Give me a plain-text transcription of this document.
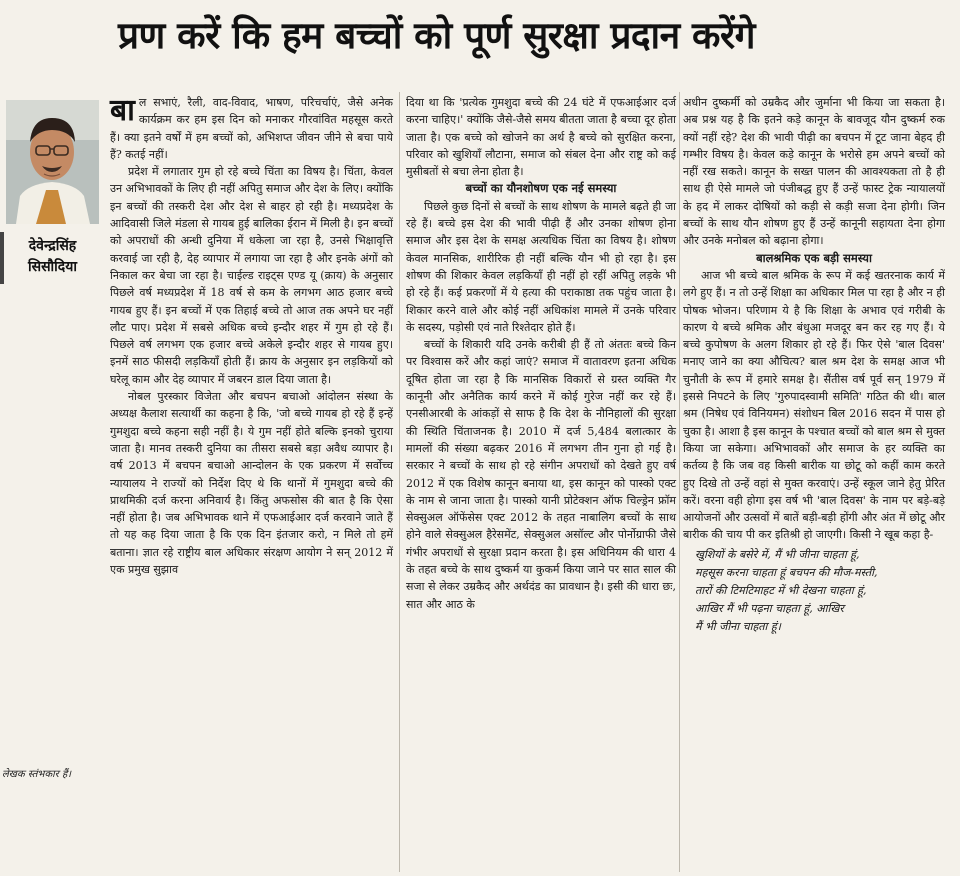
प्रण करें कि हम बच्चों को पूर्ण सुरक्षा प्रदान करेंगे
देवेन्द्रसिंह
सिसौदिया
लेखक स्तंभकार हैं।

बाल सभाएं, रैली, वाद-विवाद, भाषण, परिचर्चाएं, जैसे अनेक कार्यक्रम कर हम इस दिन को मनाकर गौरवांवित महसूस करते हैं। क्या इतने वर्षों में हम बच्चों को, अभिशप्त जीवन जीने से बचा पाये हैं? कतई नहीं।

प्रदेश में लगातार गुम हो रहे बच्चे चिंता का विषय है। चिंता, केवल उन अभिभावकों के लिए ही नहीं अपितु समाज और देश के लिए। क्योंकि इन बच्चों की तस्करी देश और देश से बाहर हो रही है। मध्यप्रदेश के आदिवासी जिले मंडला से गायब हुई बालिका ईरान में मिली है। इन बच्चों को अपराधों की अन्धी दुनिया में धकेला जा रहा है, उनसे भिक्षावृत्ति करवाई जा रही है, देह व्यापार में लगाया जा रहा है और इनके अंगों को निकाल कर बेचा जा रहा है। चाईल्ड राइट्स एण्ड यू (क्राय) के अनुसार पिछले वर्ष मध्यप्रदेश में 18 वर्ष से कम के लगभग आठ हजार बच्चे गायब हुए हैं। इन बच्चों में एक तिहाई बच्चे तो आज तक अपने घर नहीं लौट पाए। प्रदेश में सबसे अधिक बच्चे इन्दौर शहर में गुम हो रहे हैं। पिछले वर्ष लगभग एक हजार बच्चे अकेले इन्दौर शहर से गायब हुए। इनमें साठ फीसदी लड़कियाँ होती हैं। क्राय के अनुसार इन लड़कियों को घरेलू काम और देह व्यापार में जबरन डाल दिया जाता है।

नोबल पुरस्कार विजेता और बचपन बचाओ आंदोलन संस्था के अध्यक्ष कैलाश सत्यार्थी का कहना है कि, 'जो बच्चे गायब हो रहे हैं इन्हें गुमशुदा बच्चे कहना सही नहीं है। ये गुम नहीं होते बल्कि इनको चुराया जाता है। मानव तस्करी दुनिया का तीसरा सबसे बड़ा अवैध व्यापार है। वर्ष 2013 में बचपन बचाओ आन्दोलन के एक प्रकरण में सर्वोच्च न्यायालय ने राज्यों को निर्देश दिए थे कि थानों में गुमशुदा बच्चे की प्राथमिकी दर्ज करना अनिवार्य है। किंतु अफसोस की बात है कि ऐसा नहीं होता है। जब अभिभावक थाने में एफआईआर दर्ज करवाने जाते हैं तो यह कह दिया जाता है कि एक दिन इंतजार करो, न मिले तो हमें बताना। ज्ञात रहे राष्ट्रीय बाल अधिकार संरक्षण आयोग ने सन् 2012 में एक प्रमुख सुझाव

दिया था कि 'प्रत्येक गुमशुदा बच्चे की 24 घंटे में एफआईआर दर्ज करना चाहिए।' क्योंकि जैसे-जैसे समय बीतता जाता है बच्चा दूर होता जाता है। एक बच्चे को खोजने का अर्थ है बच्चे को सुरक्षित करना, परिवार को खुशियाँ लौटाना, समाज को संबल देना और राष्ट्र को कई मुसीबतों से बचा लेना होता है।

बच्चों का यौनशोषण एक नई समस्या

पिछले कुछ दिनों से बच्चों के साथ शोषण के मामले बढ़ते ही जा रहे हैं। बच्चे इस देश की भावी पीढ़ी हैं और उनका शोषण होना समाज और इस देश के समक्ष अत्यधिक चिंता का विषय है। शोषण केवल मानसिक, शारीरिक ही नहीं बल्कि यौन भी हो रहा है। इस शोषण की शिकार केवल लड़कियाँ ही नहीं हो रहीं अपितु लड़के भी हो रहे हैं। कई प्रकरणों में ये हत्या की पराकाष्ठा तक पहुंच जाता है। शिकार करने वाले और कोई नहीं अधिकांश मामले में उनके परिवार के सदस्य, पड़ोसी एवं नाते रिश्तेदार होते हैं।

बच्चों के शिकारी यदि उनके करीबी ही हैं तो अंततः बच्चे किन पर विश्वास करें और कहां जाएं? समाज में वातावरण इतना अधिक दूषित होता जा रहा है कि मानसिक विकारों से ग्रस्त व्यक्ति गैर कानूनी और अनैतिक कार्य करने में कोई गुरेज नहीं कर रहे हैं। एनसीआरबी के आंकड़ों से साफ है कि देश के नौनिहालों की सुरक्षा की स्थिति चिंताजनक है। 2010 में दर्ज 5,484 बलात्कार के मामलों की संख्या बढ़कर 2016 में लगभग तीन गुना हो गई है। सरकार ने बच्चों के साथ हो रहे संगीन अपराधों को देखते हुए वर्ष 2012 में एक विशेष कानून बनाया था, इस कानून को पास्को एक्ट के नाम से जाना जाता है। पास्को यानी प्रोटेक्शन ऑफ चिल्ड्रेन फ्रॉम सेक्सुअल ऑफेंसेस एक्ट 2012 के तहत नाबालिग बच्चों के साथ होने वाले सेक्सुअल हैरेसमेंट, सेक्सुअल असॉल्ट और पोर्नोग्राफी जैसे गंभीर अपराधों से सुरक्षा प्रदान करता है। इस अधिनियम की धारा 4 के तहत बच्चे के साथ दुष्कर्म या कुकर्म किया जाने पर सात साल की सजा से लेकर उम्रकैद और अर्थदंड का प्रावधान है। इसी की धारा छः, सात और आठ के

अधीन दुष्कर्मी को उम्रकैद और जुर्माना भी किया जा सकता है। अब प्रश्न यह है कि इतने कड़े कानून के बावजूद यौन दुष्कर्म रुक क्यों नहीं रहे? देश की भावी पीढ़ी का बचपन में टूट जाना बेहद ही गम्भीर विषय है। केवल कड़े कानून के भरोसे हम अपने बच्चों को नहीं रख सकते। कानून के सख्त पालन की आवश्यकता तो है ही साथ ही ऐसे मामले जो पंजीबद्ध हुए हैं उन्हें फास्ट ट्रेक न्यायालयों के हद में लाकर दोषियों को कड़ी से कड़ी सजा देना होगी। जिन बच्चों के साथ यौन शोषण हुए हैं उन्हें कानूनी सहायता देना होगा और उनके मनोबल को बढ़ाना होगा।

बालश्रमिक एक बड़ी समस्या

आज भी बच्चे बाल श्रमिक के रूप में कई खतरनाक कार्य में लगे हुए हैं। न तो उन्हें शिक्षा का अधिकार मिल पा रहा है और न ही पोषक भोजन। परिणाम ये है कि शिक्षा के अभाव एवं गरीबी के कारण ये बच्चे श्रमिक और बंधुआ मजदूर बन कर रह गए हैं। ये बच्चे कुपोषण के अलग शिकार हो रहे हैं। फिर ऐसे 'बाल दिवस' मनाए जाने का क्या औचित्य? बाल श्रम देश के समक्ष आज भी चुनौती के रूप में हमारे समक्ष है। सैंतीस वर्ष पूर्व सन् 1979 में इससे निपटने के लिए 'गुरुपादस्वामी समिति' गठित की थी। बाल श्रम (निषेध एवं विनियमन) संशोधन बिल 2016 सदन में पास हो चुका है। आशा है इस कानून के पश्चात बच्चों को बाल श्रम से मुक्त किया जा सकेगा। अभिभावकों और समाज के हर व्यक्ति का कर्तव्य है कि जब वह किसी बारीक या छोटू को कहीं काम करते हुए दिखे तो उन्हें वहां से मुक्त करवाएं। उन्हें स्कूल जाने हेतु प्रेरित करें। वरना वही होगा इस वर्ष भी 'बाल दिवस' के नाम पर बड़े-बड़े आयोजनों और उत्सवों में बातें बड़ी-बड़ी होंगी और अंत में छोटू और बारीक की चाय पी कर इतिश्री हो जाएगी। किसी ने खूब कहा है-

खुशियों के बसेरे में, मैं भी जीना चाहता हूं,
महसूस करना चाहता हूं बचपन की मौज-मस्ती,
तारों की टिमटिमाहट में भी देखना चाहता हूं,
आखिर मैं भी पढ़ना चाहता हूं, आखिर
मैं भी जीना चाहता हूं।
